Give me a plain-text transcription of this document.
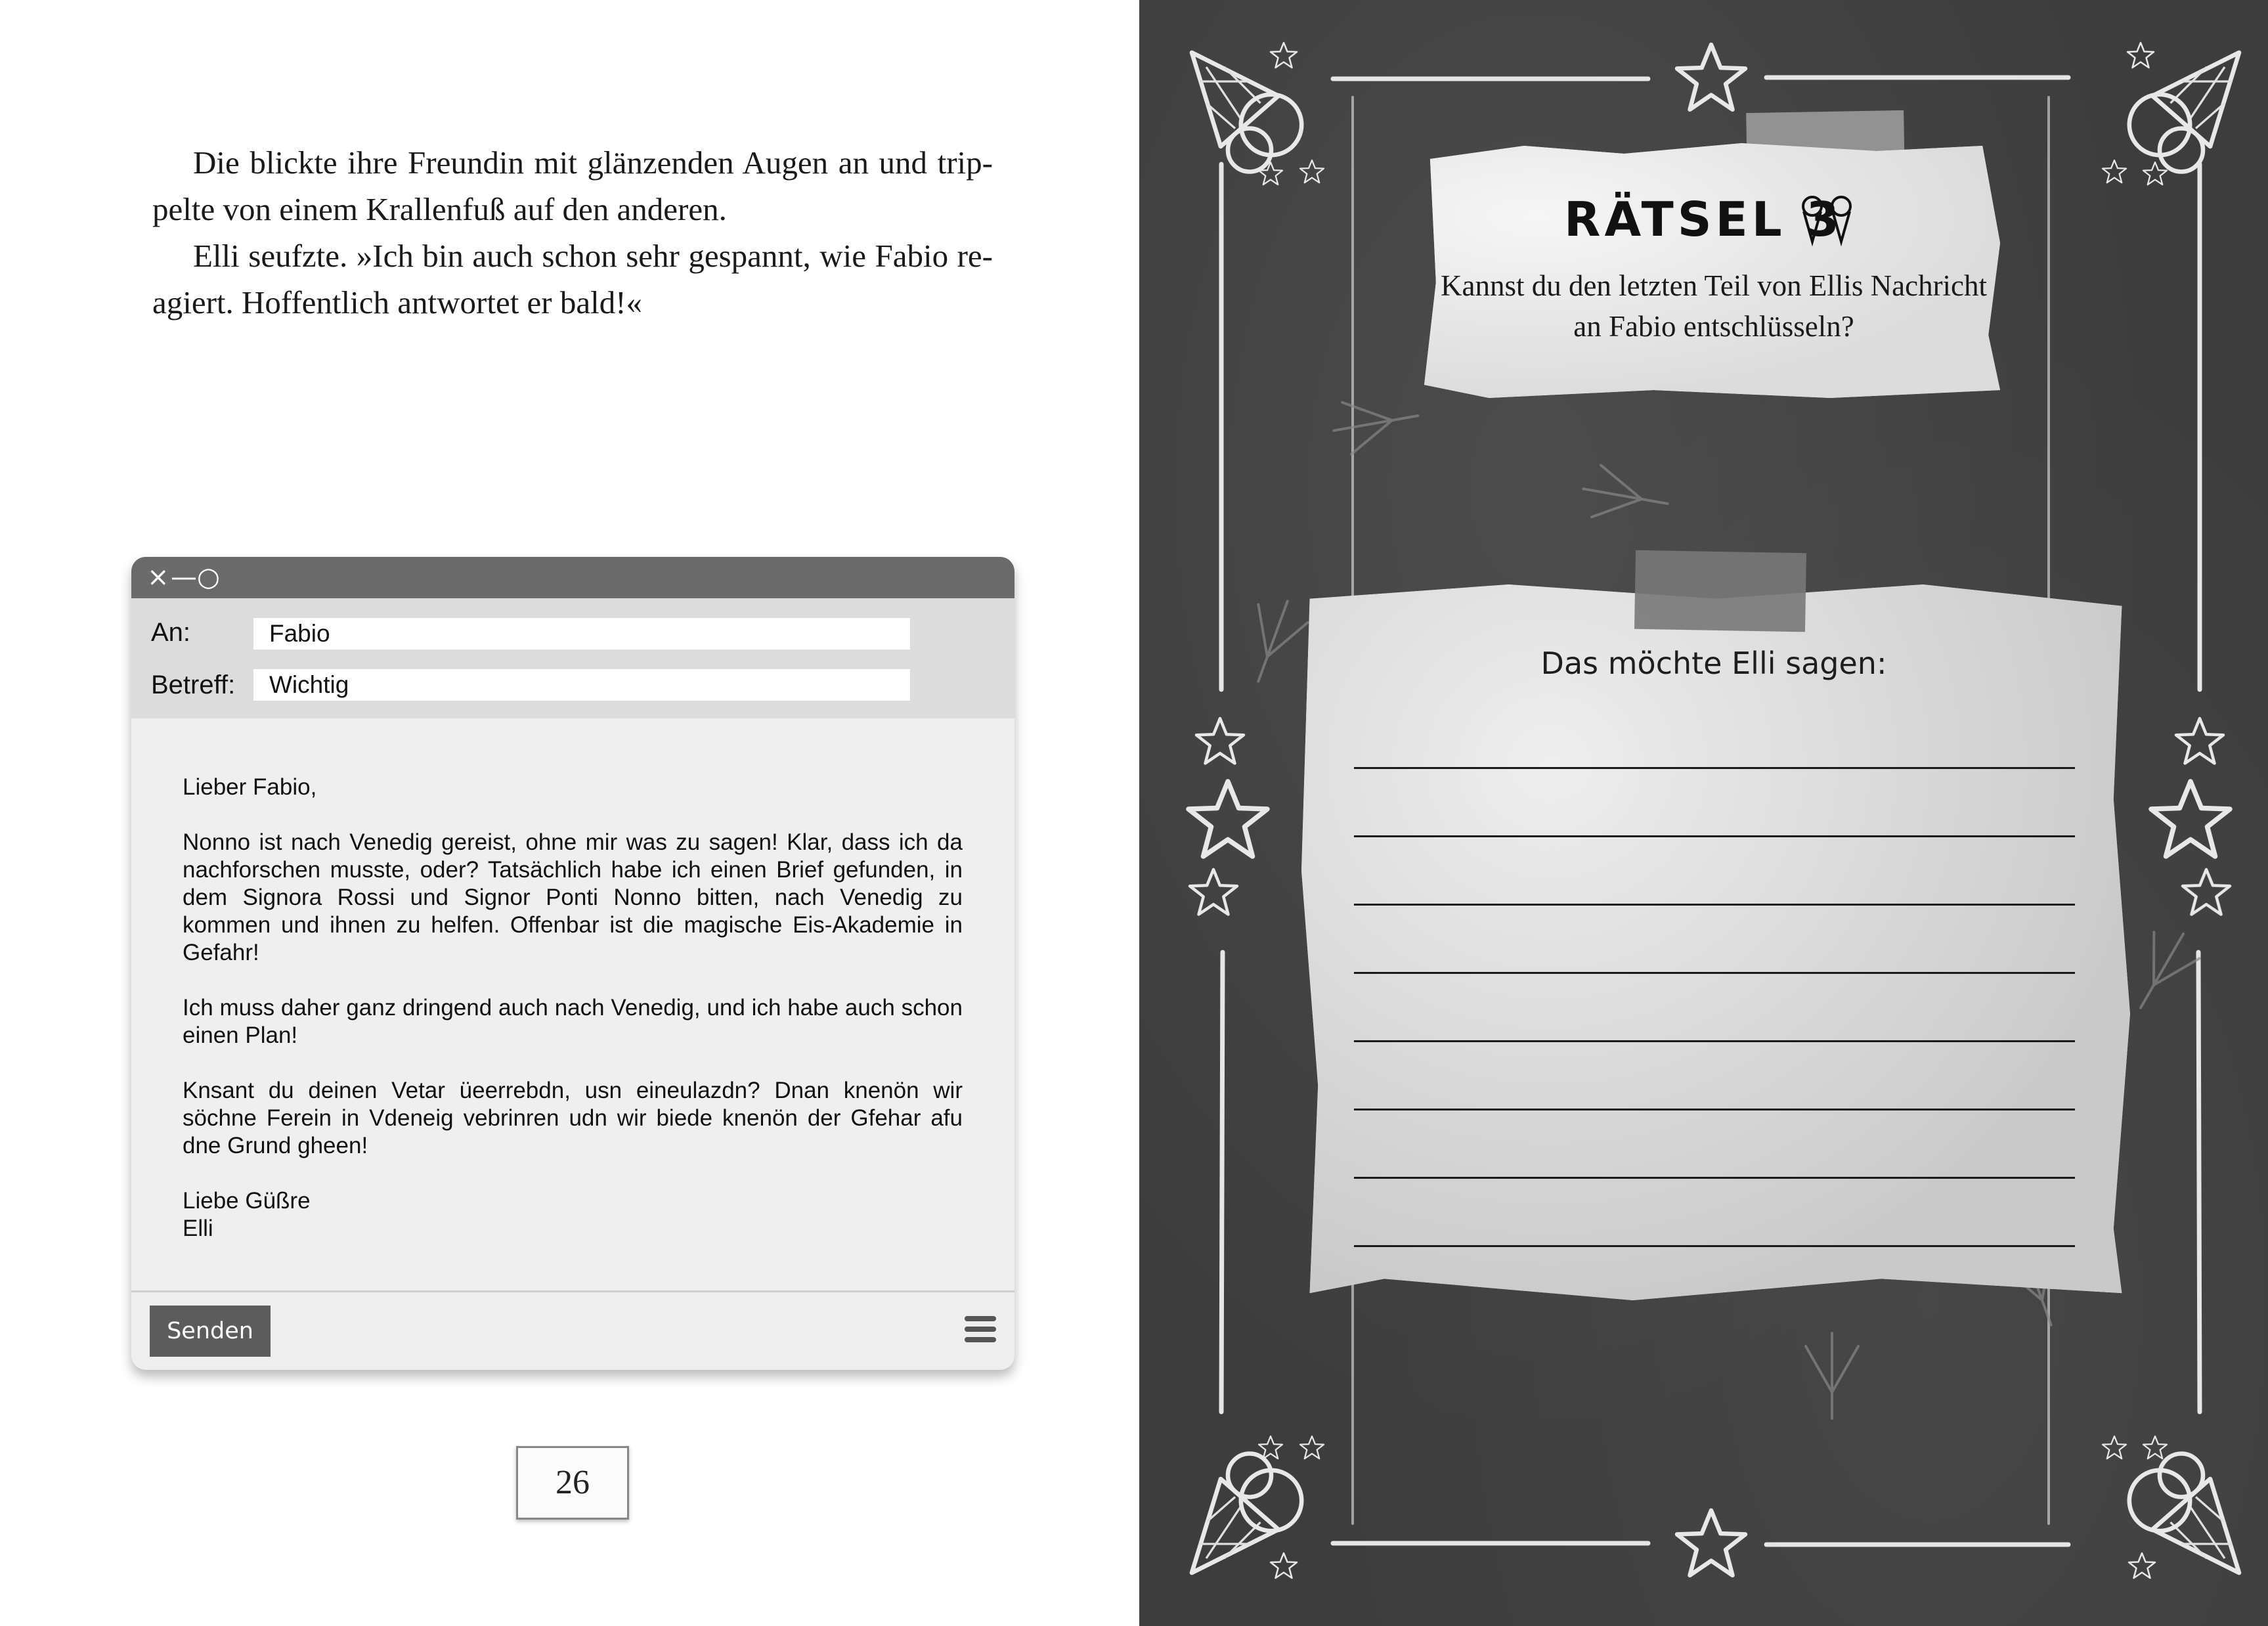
Die blickte ihre Freundin mit glänzenden Augen an und trip-pelte von einem Krallenfuß auf den anderen.

Elli seufzte. »Ich bin auch schon sehr gespannt, wie Fabio re-agiert. Hoffentlich antwortet er bald!«

× — ○
An:	Fabio
Betreff:	Wichtig

Lieber Fabio,

Nonno ist nach Venedig gereist, ohne mir was zu sagen! Klar, dass ich da nachforschen musste, oder? Tatsächlich habe ich einen Brief gefunden, in dem Signora Rossi und Signor Ponti Nonno bitten, nach Venedig zu kommen und ihnen zu helfen. Offenbar ist die magische Eis-Akademie in Gefahr!

Ich muss daher ganz dringend auch nach Venedig, und ich habe auch schon einen Plan!

Knsant du deinen Vetar üeerrebdn, usn eineulazdn? Dnan knenön wir söchne Ferein in Vdeneig vebrinren udn wir biede knenön der Gfehar afu dne Grund gheen!

Liebe Güßre

Elli

Senden
26
RÄTSEL 3
Kannst du den letzten Teil von Ellis Nachricht an Fabio entschlüsseln?
Das möchte Elli sagen:
